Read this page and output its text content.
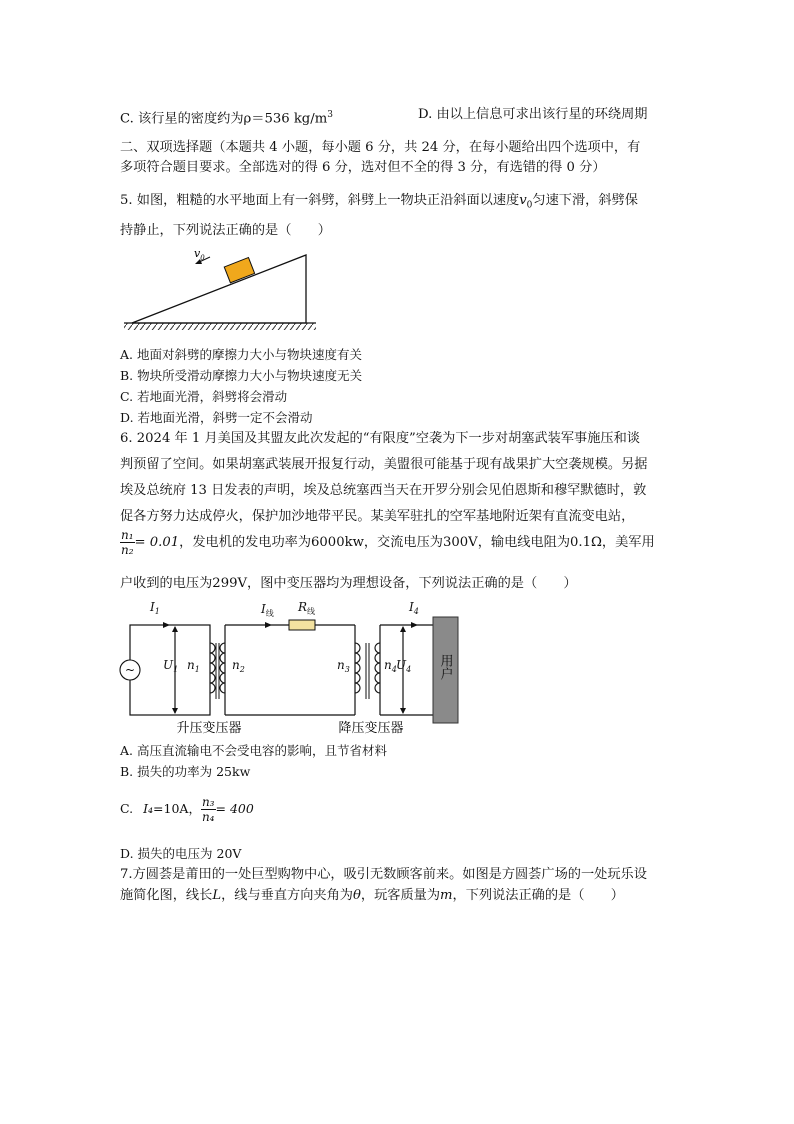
C. 该行星的密度约为ρ＝536 $kg/m^3$	D. 由以上信息可求出该行星的环绕周期
二、双项选择题（本题共 4 小题，每小题 6 分，共 24 分，在每小题给出四个选项中，有
多项符合题目要求。全部选对的得 6 分，选对但不全的得 3 分，有选错的得 0 分）
5. 如图，粗糙的水平地面上有一斜劈，斜劈上一物块正沿斜面以速度$v_0$匀速下滑，斜劈保
持静止，下列说法正确的是（　　）
$v_0$
A. 地面对斜劈的摩擦力大小与物块速度有关
B. 物块所受滑动摩擦力大小与物块速度无关
C. 若地面光滑，斜劈将会滑动
D. 若地面光滑，斜劈一定不会滑动
6. 2024 年 1 月美国及其盟友此次发起的“有限度”空袭为下一步对胡塞武装军事施压和谈
判预留了空间。如果胡塞武装展开报复行动，美盟很可能基于现有战果扩大空袭规模。另据
埃及总统府 13 日发表的声明，埃及总统塞西当天在开罗分别会见伯恩斯和穆罕默德时，敦
促各方努力达成停火，保护加沙地带平民。某美军驻扎的空军基地附近架有直流变电站，
$\frac{\text{n₁}}{\text{n₂}} = 0.01$，发电机的发电功率为6000kw，交流电压为300V，输电线电阻为0.1Ω，美军用
户收到的电压为299V，图中变压器均为理想设备，下列说法正确的是（　　）
~	用户
$I_1$	$I_线$ $R_线$	$I_4$
$U_1$ $n_1$	$n_2$	$n_3$	$n_4$ $U_4$
升压变压器	降压变压器
A. 高压直流输电不会受电容的影响，且节省材料
B. 损失的功率为 25kw
C. I₄=10A， $\frac{\text{n₃}}{\text{n₄}} = 400$
D. 损失的电压为 20V
7.方圆荟是莆田的一处巨型购物中心，吸引无数顾客前来。如图是方圆荟广场的一处玩乐设
施简化图，线长L，线与垂直方向夹角为θ，玩客质量为m，下列说法正确的是（　　）
